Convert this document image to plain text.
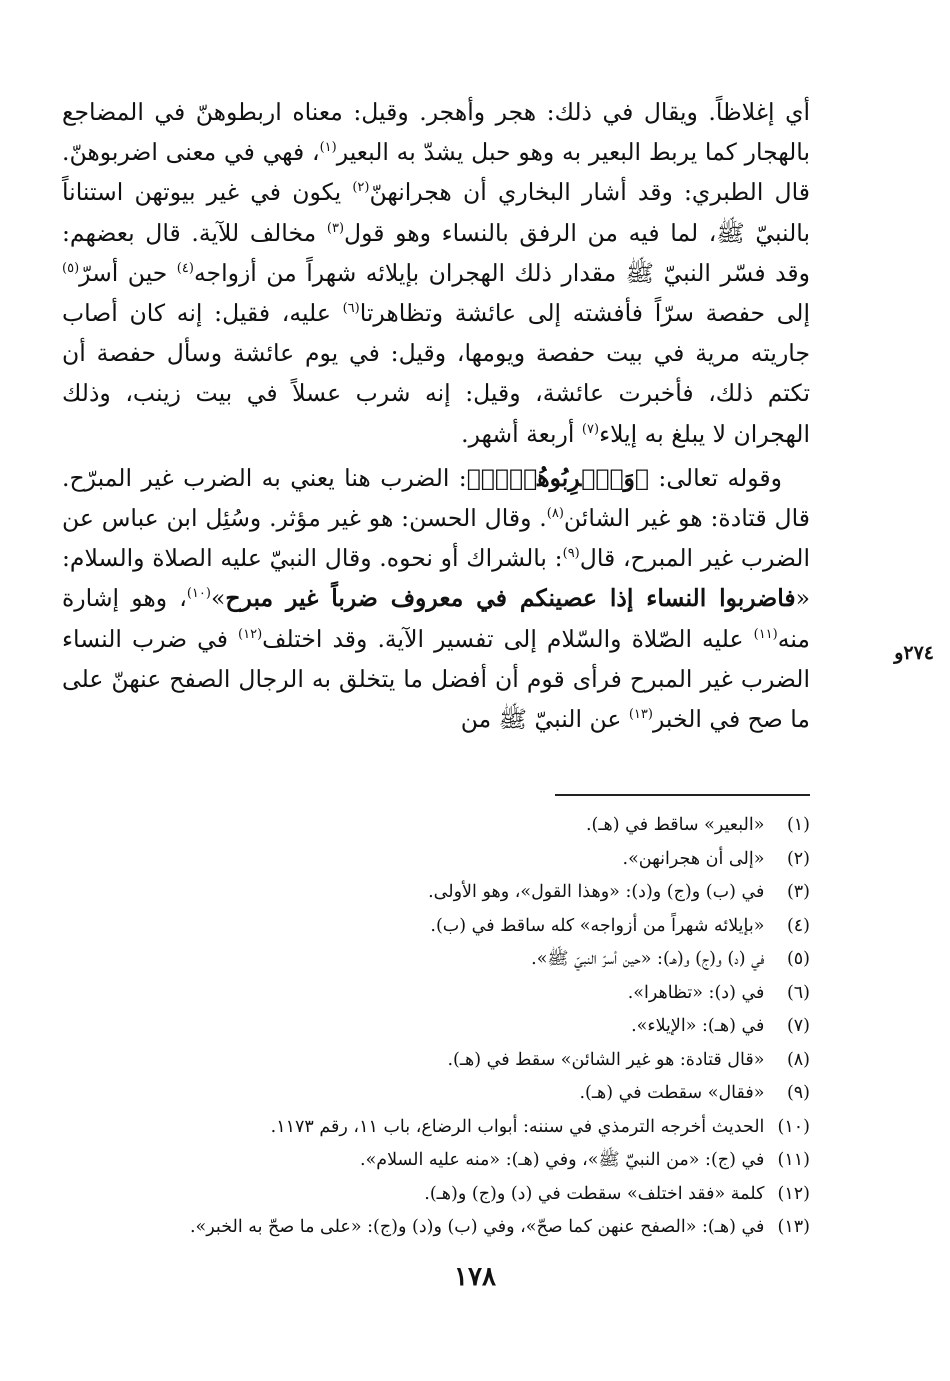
أي إغلاظاً. ويقال في ذلك: هجر وأهجر. وقيل: معناه اربطوهنّ في المضاجع بالهجار كما يربط البعير به وهو حبل يشدّ به البعير$^{(١)}$، فهي في معنى اضربوهنّ. قال الطبري: وقد أشار البخاري أن هجرانهنّ$^{(٢)}$ يكون في غير بيوتهن استناناً بالنبيّ ﷺ، لما فيه من الرفق بالنساء وهو قول$^{(٣)}$ مخالف للآية. قال بعضهم: وقد فسّر النبيّ ﷺ مقدار ذلك الهجران بإيلائه شهراً من أزواجه$^{(٤)}$ حين أسرّ$^{(٥)}$ إلى حفصة سرّاً فأفشته إلى عائشة وتظاهرتا$^{(٦)}$ عليه، فقيل: إنه كان أصاب جاريته مرية في بيت حفصة ويومها، وقيل: في يوم عائشة وسأل حفصة أن تكتم ذلك، فأخبرت عائشة، وقيل: إنه شرب عسلاً في بيت زينب، وذلك الهجران لا يبلغ به إيلاء$^{(٧)}$ أربعة أشهر.

وقوله تعالى: ﴿وَٱضۡرِبُوهُنَّۖ﴾: الضرب هنا يعني به الضرب غير المبرّح. قال قتادة: هو غير الشائن$^{(٨)}$. وقال الحسن: هو غير مؤثر. وسُئِل ابن عباس عن الضرب غير المبرح، قال$^{(٩)}$: بالشراك أو نحوه. وقال النبيّ عليه الصلاة والسلام: «فاضربوا النساء إذا عصينكم في معروف ضرباً غير مبرح»$^{(١٠)}$، وهو إشارة منه$^{(١١)}$ عليه الصّلاة والسّلام إلى تفسير الآية. وقد اختلف$^{(١٢)}$ في ضرب النساء الضرب غير المبرح فرأى قوم أن أفضل ما يتخلق به الرجال الصفح عنهنّ على ما صح في الخبر$^{(١٣)}$ عن النبيّ ﷺ من

٢٧٤و
(١) «البعير» ساقط في (هـ).
(٢) «إلى أن هجرانهن».
(٣) في (ب) و(ج) و(د): «وهذا القول»، وهو الأولى.
(٤) «بإيلائه شهراً من أزواجه» كله ساقط في (ب).
(٥) في (د) و(ج) و(هـ): «حين أسرّ النبيّ ﷺ».
(٦) في (د): «تظاهرا».
(٧) في (هـ): «الإيلاء».
(٨) «قال قتادة: هو غير الشائن» سقط في (هـ).
(٩) «فقال» سقطت في (هـ).
(١٠) الحديث أخرجه الترمذي في سننه: أبواب الرضاع، باب ١١، رقم ١١٧٣.
(١١) في (ج): «من النبيّ ﷺ»، وفي (هـ): «منه عليه السلام».
(١٢) كلمة «فقد اختلف» سقطت في (د) و(ج) و(هـ).
(١٣) في (هـ): «الصفح عنهن كما صحّ»، وفي (ب) و(د) و(ج): «على ما صحّ به الخبر».
١٧٨
